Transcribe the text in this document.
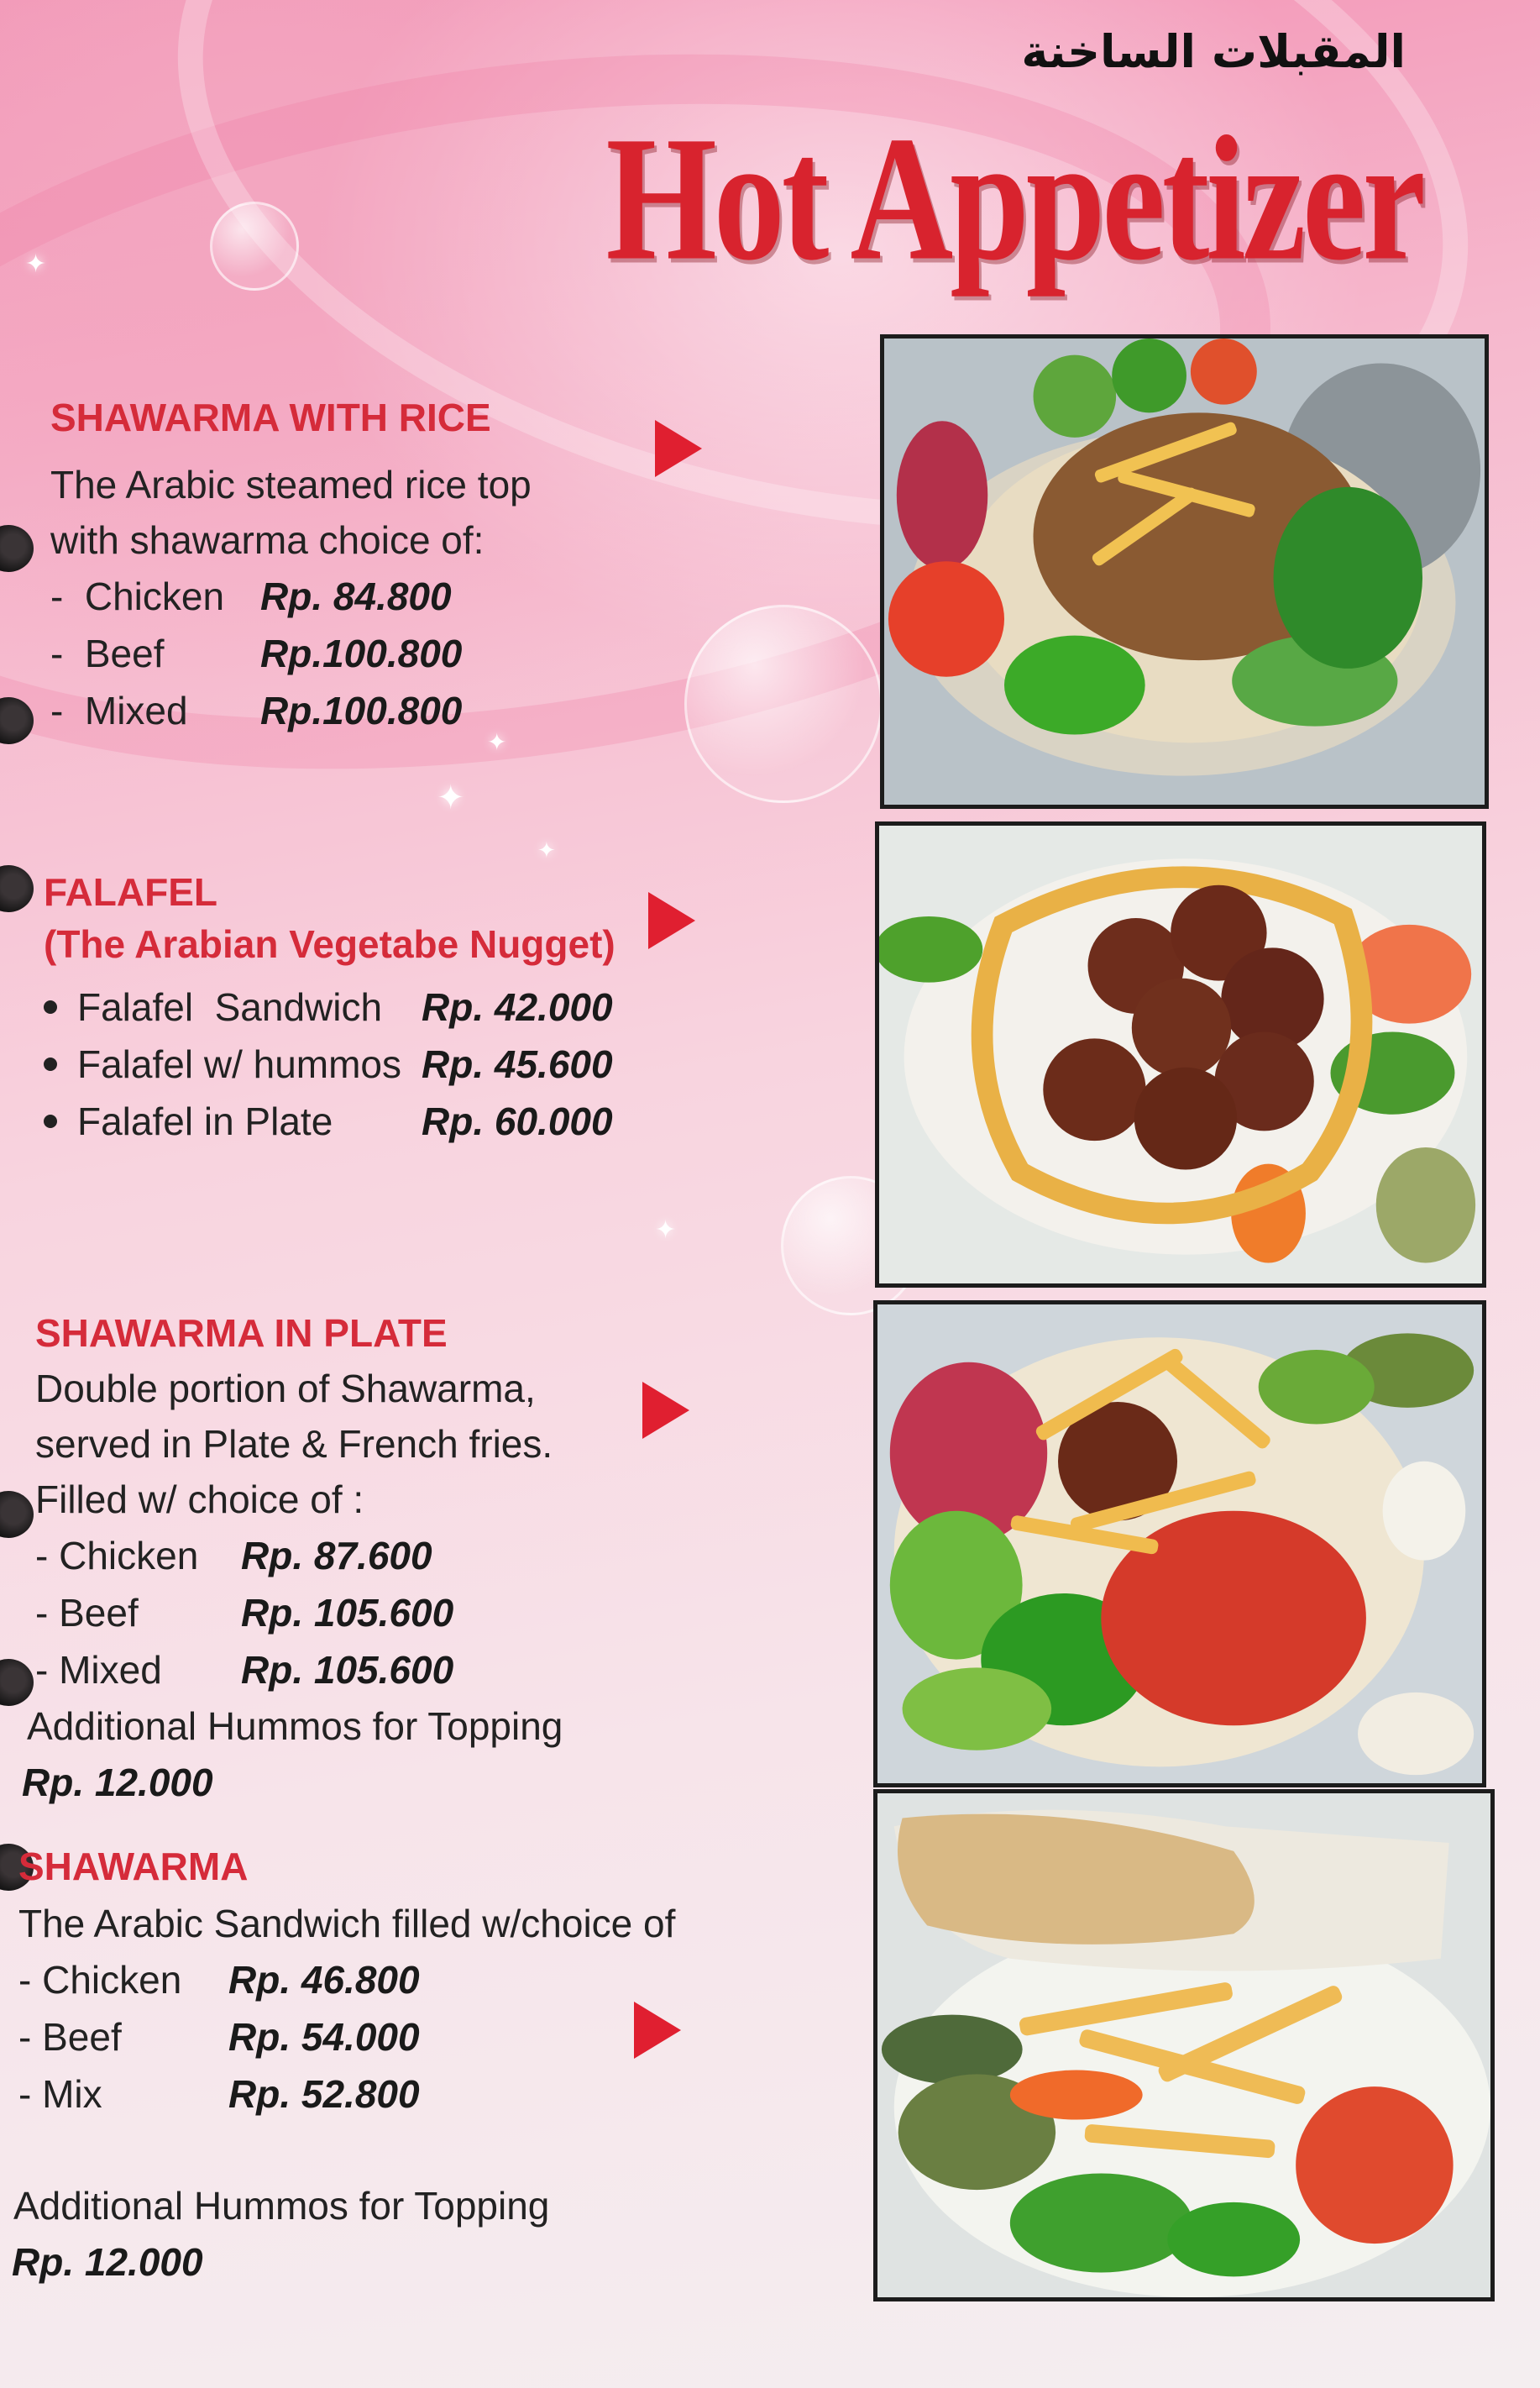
✦
✦
✦
✦
✦
المقبلات الساخنة
Hot Appetizer
SHAWARMA WITH RICE
The Arabic steamed rice top
with shawarma choice of:
-  Chicken Rp. 84.800
-  Beef	Rp.100.800
-  Mixed	Rp.100.800
FALAFEL
(The Arabian Vegetabe Nugget)
Falafel  Sandwich	Rp. 42.000
Falafel w/ hummos Rp. 45.600
Falafel in Plate	Rp. 60.000
SHAWARMA IN PLATE
Double portion of Shawarma,
served in Plate & French fries.
Filled w/ choice of :
- Chicken	Rp. 87.600
- Beef	Rp. 105.600
- Mixed	Rp. 105.600
Additional Hummos for Topping
Rp. 12.000
SHAWARMA
The Arabic Sandwich filled w/choice of
- Chicken	Rp. 46.800
- Beef	Rp. 54.000
- Mix	Rp. 52.800
Additional Hummos for Topping
Rp. 12.000
